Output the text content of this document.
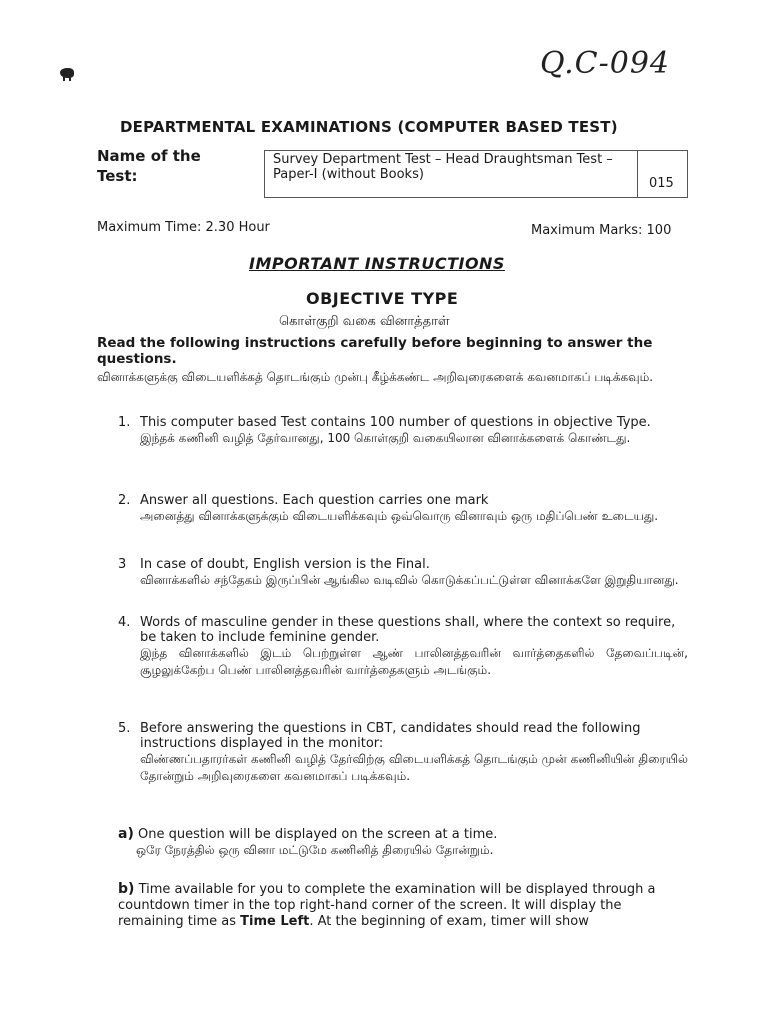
Q.C-094
DEPARTMENTAL EXAMINATIONS (COMPUTER BASED TEST)
Name of the Test:
Survey Department Test – Head Draughtsman Test – Paper-I (without Books)
015
Maximum Time: 2.30 Hour	Maximum Marks: 100
IMPORTANT INSTRUCTIONS
OBJECTIVE TYPE
கொள்குறி வகை வினாத்தாள்
Read the following instructions carefully before beginning to answer the questions.
வினாக்களுக்கு விடையளிக்கத் தொடங்கும் முன்பு கீழ்க்கண்ட அறிவுரைகளைக் கவனமாகப் படிக்கவும்.
1. This computer based Test contains 100 number of questions in objective Type.
இந்தக் கணினி வழித் தேர்வானது, 100 கொள்குறி வகையிலான வினாக்களைக் கொண்டது.
2. Answer all questions. Each question carries one mark
அனைத்து வினாக்களுக்கும் விடையளிக்கவும் ஒவ்வொரு வினாவும் ஒரு மதிப்பெண் உடையது.
3 In case of doubt, English version is the Final.
வினாக்களில் சந்தேகம் இருப்பின் ஆங்கில வடிவில் கொடுக்கப்பட்டுள்ள வினாக்களே இறுதியானது.
4. Words of masculine gender in these questions shall, where the context so require, be taken to include feminine gender.
இந்த வினாக்களில் இடம் பெற்றுள்ள ஆண் பாலினத்தவரின் வார்த்தைகளில் தேவைப்படின், சூழலுக்கேற்ப பெண் பாலினத்தவரின் வார்த்தைகளும் அடங்கும்.
5. Before answering the questions in CBT, candidates should read the following instructions displayed in the monitor:
விண்ணப்பதாரர்கள் கணினி வழித் தேர்விற்கு விடையளிக்கத் தொடங்கும் முன் கணினியின் திரையில் தோன்றும் அறிவுரைகளை கவனமாகப் படிக்கவும்.
a) One question will be displayed on the screen at a time.
ஒரே நேரத்தில் ஒரு வினா மட்டுமே கணினித் திரையில் தோன்றும்.
b) Time available for you to complete the examination will be displayed through a countdown timer in the top right-hand corner of the screen. It will display the remaining time as Time Left. At the beginning of exam, timer will show
